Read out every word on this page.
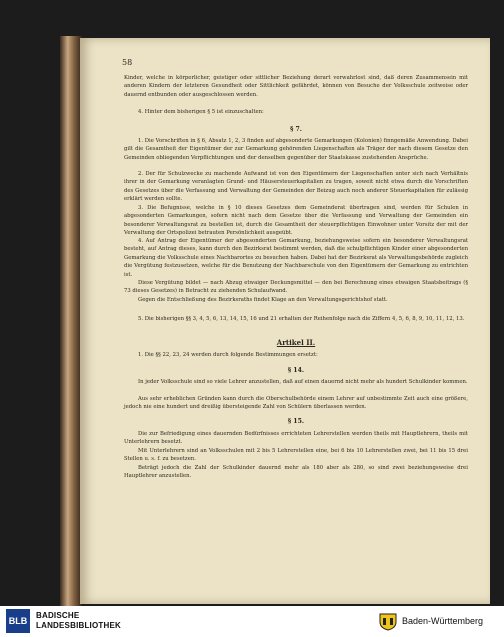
58

Kinder, welche in körperlicher, geistiger oder sittlicher Beziehung derart verwahrlost sind, daß deren Zusammensein mit anderen Kindern der letzteren Gesundheit oder Sittlichkeit gefährdet, können von Besuche der Volksschule zeitweise oder dauernd entbunden oder ausgeschlossen werden.

4. Hinter dem bisherigen § 5 ist einzuschalten:

§ 7.

1. Die Vorschriften in § 6, Absatz 1, 2, 3 finden auf abgesonderte Gemarkungen (Kolonien) finngemäße Anwendung. Dabei gilt die Gesamtheit der Eigentümer der zur Gemarkung gehörenden Liegenschaften als Träger der nach diesem Gesetze den Gemeinden obliegenden Verpflichtungen und der denselben gegenüber der Staatskasse zustehenden Ansprüche.

2. Der für Schulzwecke zu machende Aufwand ist von den Eigentümern der Liegenschaften unter sich nach Verhältnis ihrer in der Gemarkung veranlagten Grund- und Häusersteuerkapitalien zu tragen, soweit nicht etwa durch die Vorschriften des Gesetzes über die Verfassung und Verwaltung der Gemeinden der Beizug auch noch anderer Steuerkapitalien für zulässig erklärt werden sollte.

3. Die Befugnisse, welche in § 10 dieses Gesetzes dem Gemeinderat übertragen sind, werden für Schulen in abgesonderten Gemarkungen, sofern nicht nach dem Gesetze über die Verfassung und Verwaltung der Gemeinden ein besonderer Verwaltungsrat zu bestellen ist, durch die Gesamtheit der steuerpflichtigen Einwohner unter Vorsitz der mit der Verwaltung der Ortspolizei betrauten Persönlichkeit ausgeübt.

4. Auf Antrag der Eigentümer der abgesonderten Gemarkung, beziehungsweise sofern ein besonderer Verwaltungsrat besteht, auf Antrag dieses, kann durch den Bezirksrat bestimmt werden, daß die schulpflichtigen Kinder einer abgesonderten Gemarkung die Volksschule eines Nachbarortes zu besuchen haben. Dabei hat der Bezirksrat als Verwaltungsbehörde zugleich die Vergütung festzusetzen, welche für die Benutzung der Nachbarschule von den Eigentümern der Gemarkung zu entrichten ist.

Diese Vergütung bildet — nach Abzug etwaiger Deckungsmittel — den bei Berechnung eines etwaigen Staatsbeitrags (§ 73 dieses Gesetzes) in Betracht zu ziehenden Schulaufwand.

Gegen die Entschließung des Bezirksraths findet Klage an den Verwaltungsgerichtshof statt.

5. Die bisherigen §§ 3, 4, 5, 6, 13, 14, 15, 16 und 21 erhalten der Reihenfolge nach die Ziffern 4, 5, 6, 8, 9, 10, 11, 12, 13.

Artikel II.

1. Die §§ 22, 23, 24 werden durch folgende Bestimmungen ersetzt:

§ 14.

In jeder Volksschule sind so viele Lehrer anzustellen, daß auf einen dauernd nicht mehr als hundert Schulkinder kommen.

Aus sehr erheblichen Gründen kann durch die Oberschulbehörde einem Lehrer auf unbestimmte Zeit auch eine größere, jedoch nie eine hundert und dreißig übersteigende Zahl von Schülern überlassen werden.

§ 15.

Die zur Befriedigung eines dauernden Bedürfnisses errichteten Lehrerstellen werden theils mit Hauptlehrern, theils mit Unterlehrern besetzt.

Mit Unterlehrern sind an Volksschulen mit 2 bis 5 Lehrerstellen eine, bei 6 bis 10 Lehrerstellen zwei, bei 11 bis 15 drei Stellen u. s. f. zu besetzen.

Beträgt jedoch die Zahl der Schulkinder dauernd mehr als 180 aber als 280, so sind zwei beziehungsweise drei Hauptlehrer anzustellen.

BLB
BADISCHE
LANDESBIBLIOTHEK	Baden-Württemberg
